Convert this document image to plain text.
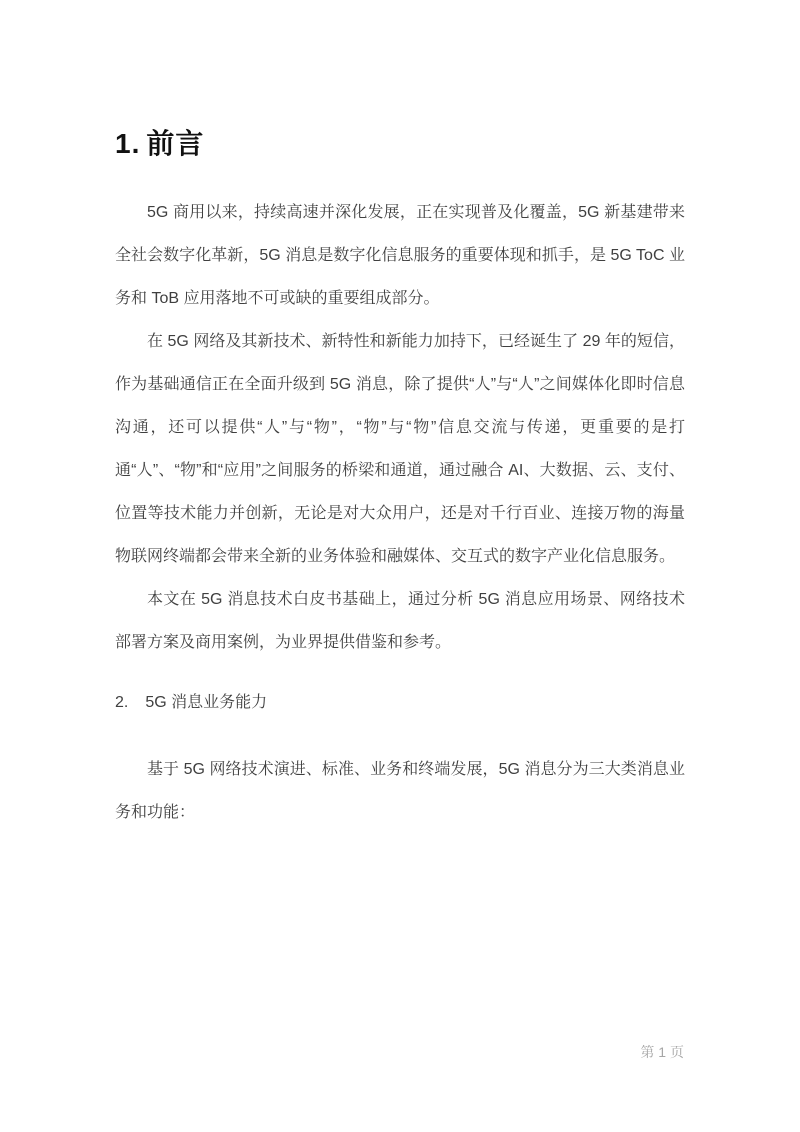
1. 前言

5G 商用以来，持续高速并深化发展，正在实现普及化覆盖，5G 新基建带来全社会数字化革新，5G 消息是数字化信息服务的重要体现和抓手，是 5G ToC 业务和 ToB 应用落地不可或缺的重要组成部分。

在 5G 网络及其新技术、新特性和新能力加持下，已经诞生了 29 年的短信，作为基础通信正在全面升级到 5G 消息，除了提供“人”与“人”之间媒体化即时信息沟通，还可以提供“人”与“物”，“物”与“物”信息交流与传递，更重要的是打通“人”、“物”和“应用”之间服务的桥梁和通道，通过融合 AI、大数据、云、支付、位置等技术能力并创新，无论是对大众用户，还是对千行百业、连接万物的海量物联网终端都会带来全新的业务体验和融媒体、交互式的数字产业化信息服务。

本文在 5G 消息技术白皮书基础上，通过分析 5G 消息应用场景、网络技术部署方案及商用案例，为业界提供借鉴和参考。

2. 5G 消息业务能力

基于 5G 网络技术演进、标准、业务和终端发展，5G 消息分为三大类消息业务和功能：

第 1 页
